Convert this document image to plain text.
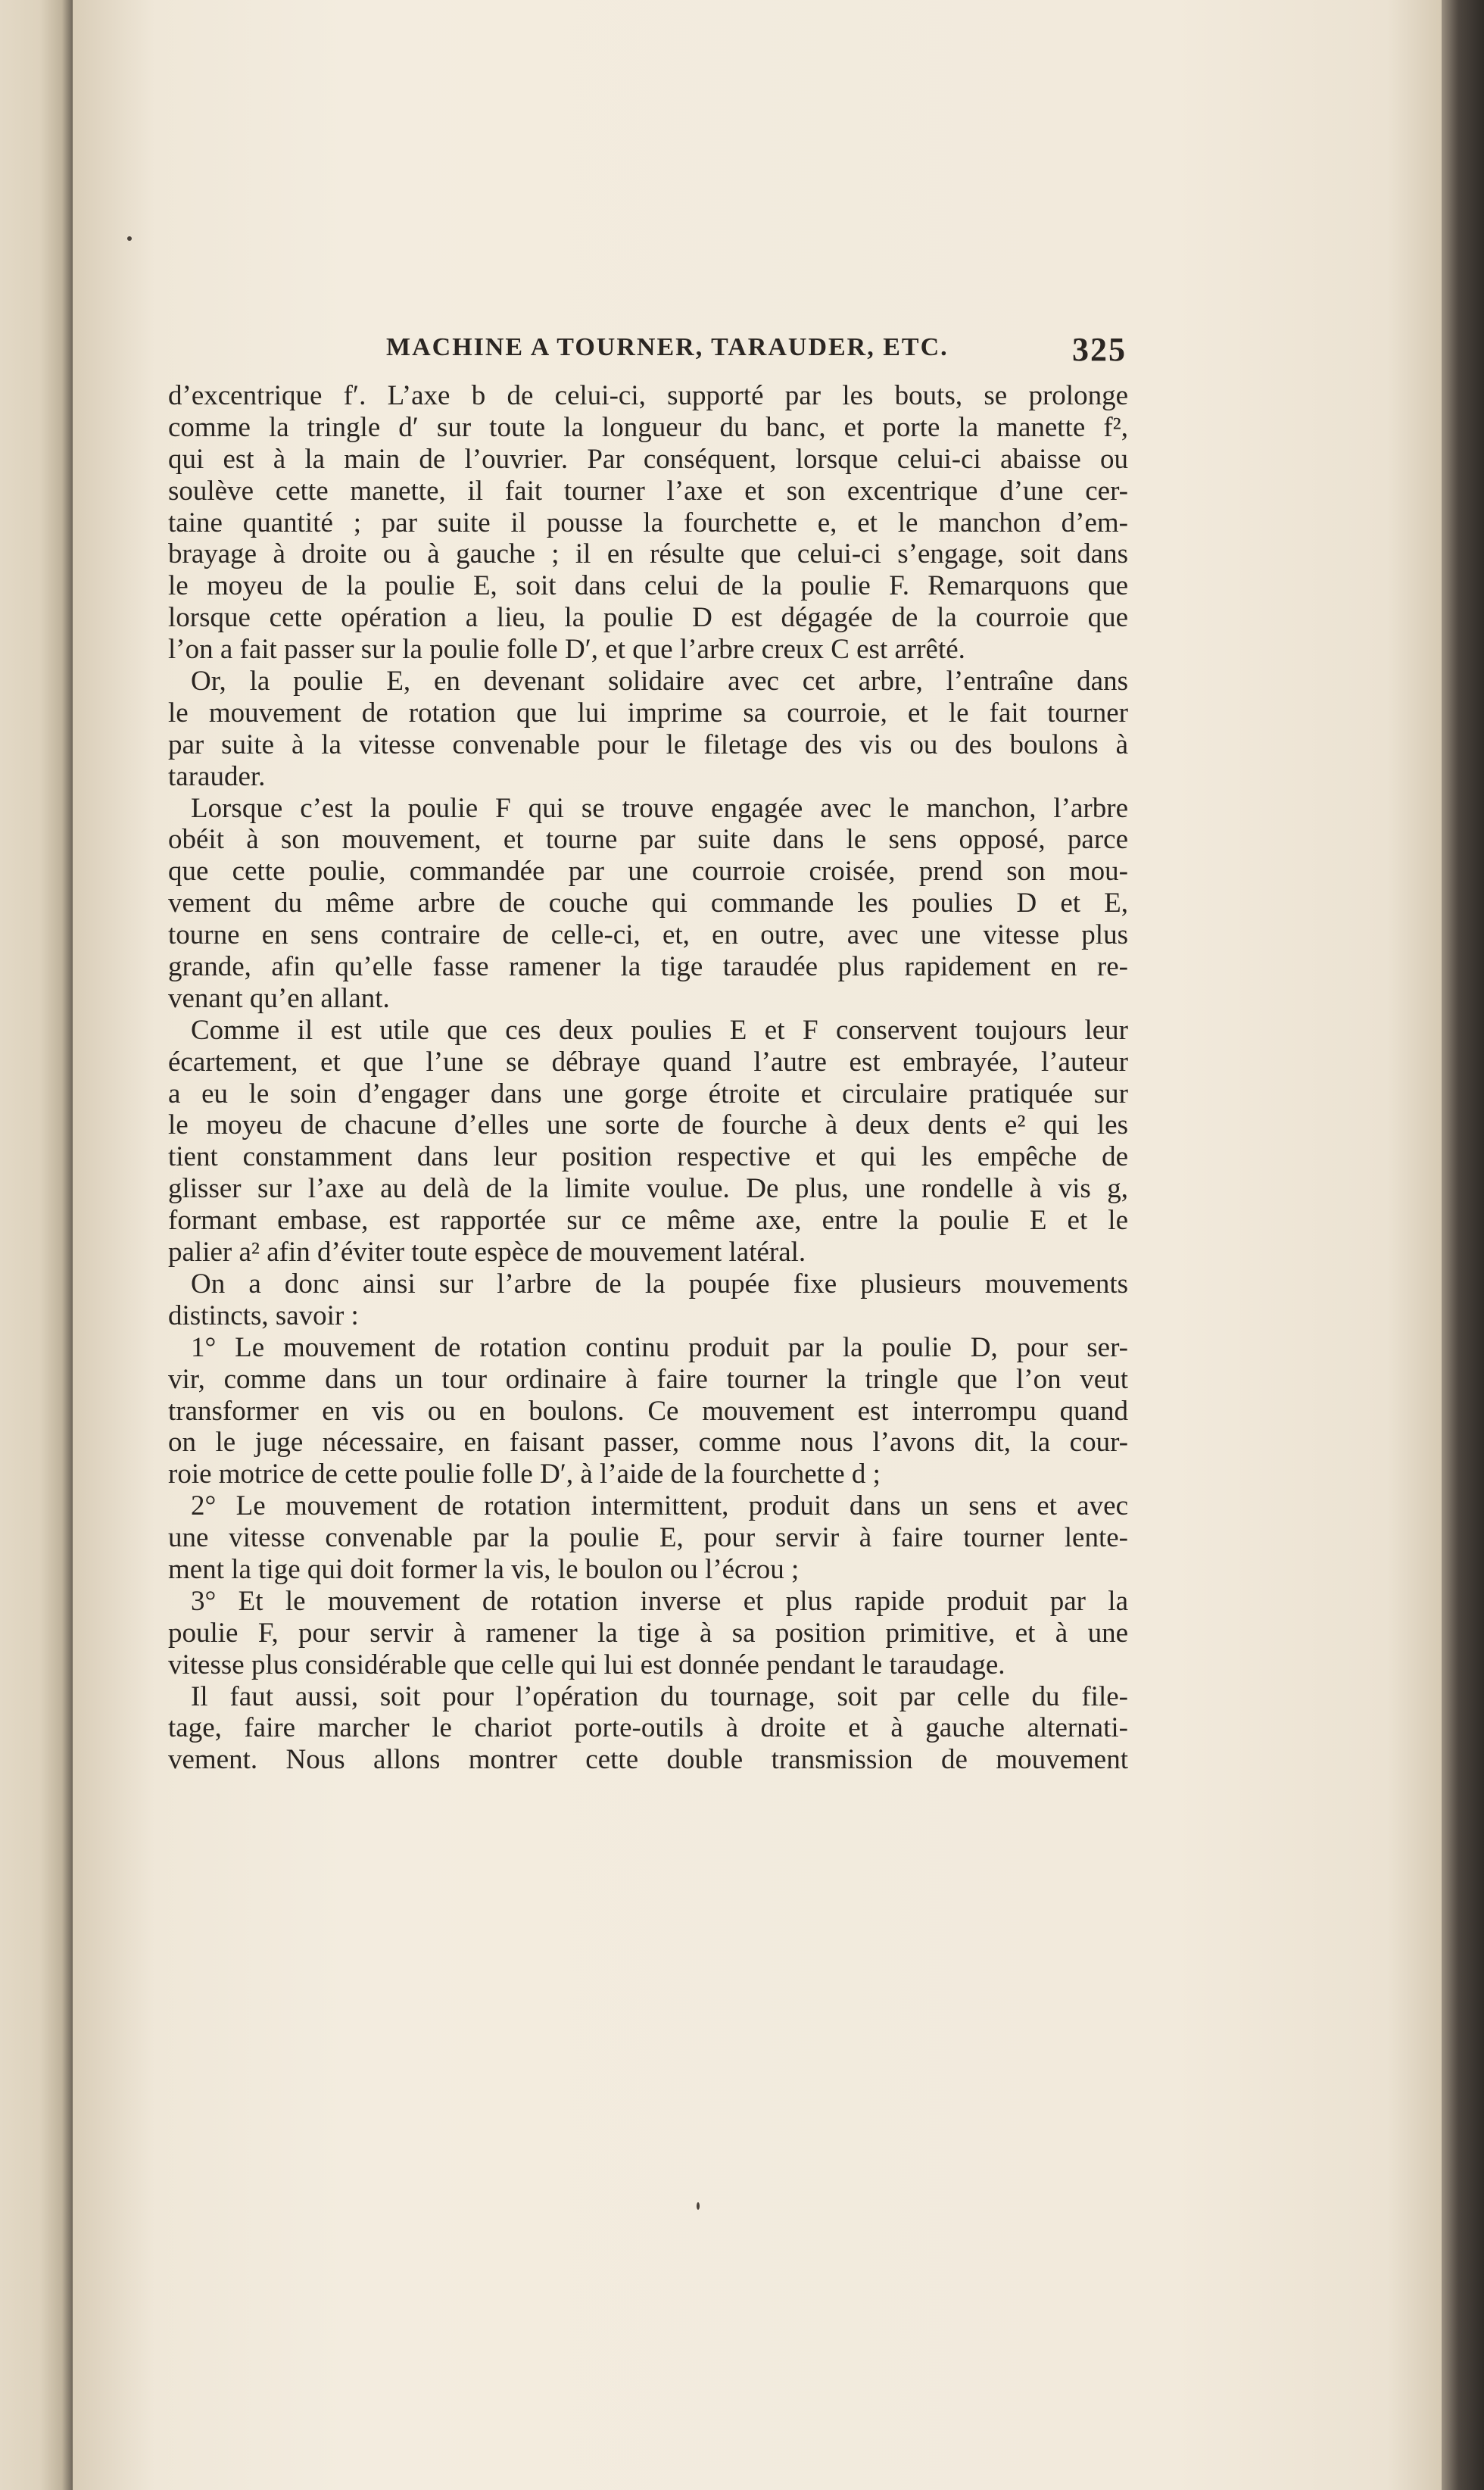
MACHINE A TOURNER, TARAUDER, ETC.	325
d’excentrique f′. L’axe b de celui-ci, supporté par les bouts, se prolonge
comme la tringle d′ sur toute la longueur du banc, et porte la manette f²,
qui est à la main de l’ouvrier. Par conséquent, lorsque celui-ci abaisse ou
soulève cette manette, il fait tourner l’axe et son excentrique d’une cer-
taine quantité ; par suite il pousse la fourchette e, et le manchon d’em-
brayage à droite ou à gauche ; il en résulte que celui-ci s’engage, soit dans
le moyeu de la poulie E, soit dans celui de la poulie F. Remarquons que
lorsque cette opération a lieu, la poulie D est dégagée de la courroie que
l’on a fait passer sur la poulie folle D′, et que l’arbre creux C est arrêté.
Or, la poulie E, en devenant solidaire avec cet arbre, l’entraîne dans
le mouvement de rotation que lui imprime sa courroie, et le fait tourner
par suite à la vitesse convenable pour le filetage des vis ou des boulons à
tarauder.
Lorsque c’est la poulie F qui se trouve engagée avec le manchon, l’arbre
obéit à son mouvement, et tourne par suite dans le sens opposé, parce
que cette poulie, commandée par une courroie croisée, prend son mou-
vement du même arbre de couche qui commande les poulies D et E,
tourne en sens contraire de celle-ci, et, en outre, avec une vitesse plus
grande, afin qu’elle fasse ramener la tige taraudée plus rapidement en re-
venant qu’en allant.
Comme il est utile que ces deux poulies E et F conservent toujours leur
écartement, et que l’une se débraye quand l’autre est embrayée, l’auteur
a eu le soin d’engager dans une gorge étroite et circulaire pratiquée sur
le moyeu de chacune d’elles une sorte de fourche à deux dents e² qui les
tient constamment dans leur position respective et qui les empêche de
glisser sur l’axe au delà de la limite voulue. De plus, une rondelle à vis g,
formant embase, est rapportée sur ce même axe, entre la poulie E et le
palier a² afin d’éviter toute espèce de mouvement latéral.
On a donc ainsi sur l’arbre de la poupée fixe plusieurs mouvements
distincts, savoir :
1° Le mouvement de rotation continu produit par la poulie D, pour ser-
vir, comme dans un tour ordinaire à faire tourner la tringle que l’on veut
transformer en vis ou en boulons. Ce mouvement est interrompu quand
on le juge nécessaire, en faisant passer, comme nous l’avons dit, la cour-
roie motrice de cette poulie folle D′, à l’aide de la fourchette d ;
2° Le mouvement de rotation intermittent, produit dans un sens et avec
une vitesse convenable par la poulie E, pour servir à faire tourner lente-
ment la tige qui doit former la vis, le boulon ou l’écrou ;
3° Et le mouvement de rotation inverse et plus rapide produit par la
poulie F, pour servir à ramener la tige à sa position primitive, et à une
vitesse plus considérable que celle qui lui est donnée pendant le taraudage.
Il faut aussi, soit pour l’opération du tournage, soit par celle du file-
tage, faire marcher le chariot porte-outils à droite et à gauche alternati-
vement. Nous allons montrer cette double transmission de mouvement
